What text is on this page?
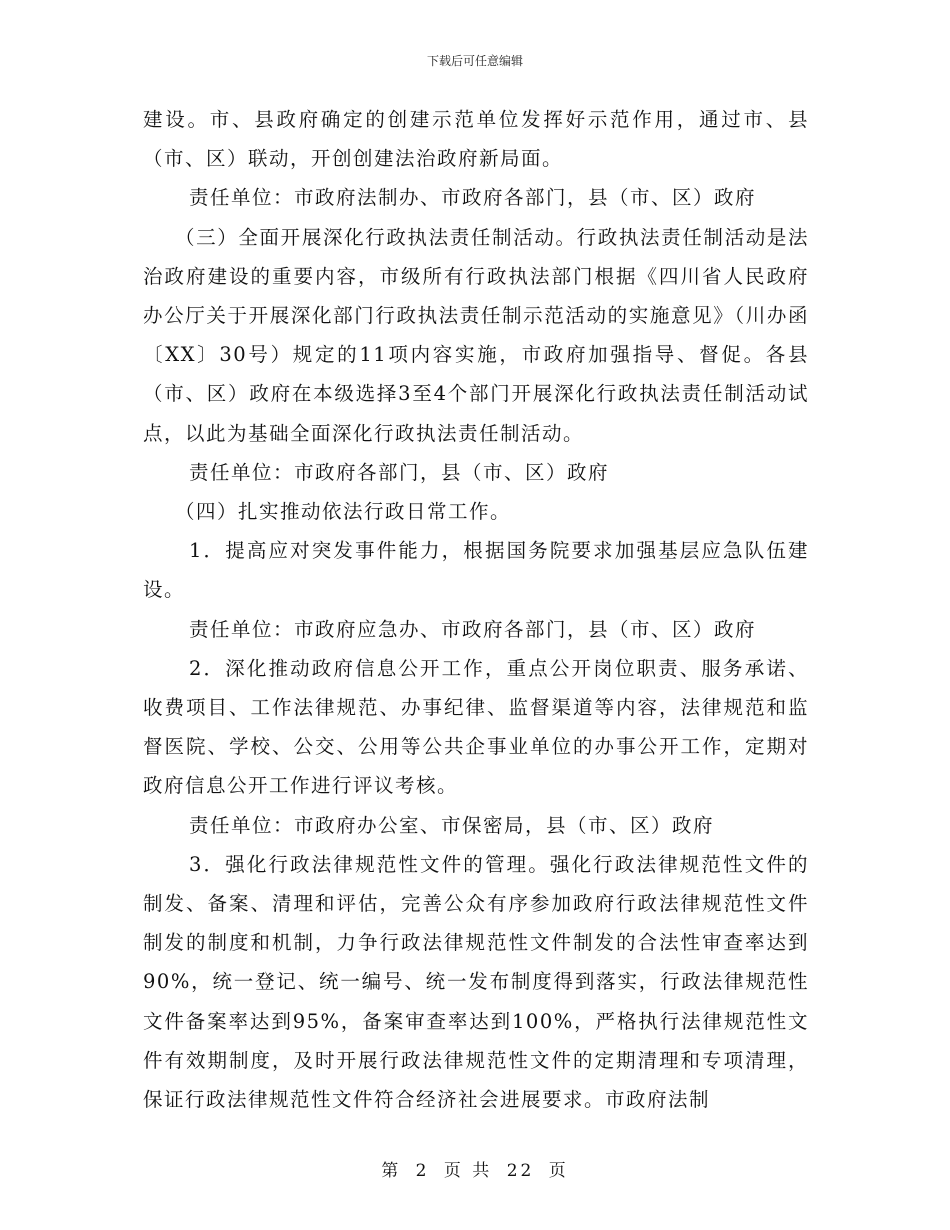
下载后可任意编辑

建设。市、县政府确定的创建示范单位发挥好示范作用，通过市、县（市、区）联动，开创创建法治政府新局面。

责任单位：市政府法制办、市政府各部门，县（市、区）政府

（三）全面开展深化行政执法责任制活动。行政执法责任制活动是法治政府建设的重要内容，市级所有行政执法部门根据《四川省人民政府办公厅关于开展深化部门行政执法责任制示范活动的实施意见》（川办函〔XX〕30号）规定的11项内容实施，市政府加强指导、督促。各县（市、区）政府在本级选择3至4个部门开展深化行政执法责任制活动试点，以此为基础全面深化行政执法责任制活动。

责任单位：市政府各部门，县（市、区）政府

（四）扎实推动依法行政日常工作。

1．提高应对突发事件能力，根据国务院要求加强基层应急队伍建设。

责任单位：市政府应急办、市政府各部门，县（市、区）政府

2．深化推动政府信息公开工作，重点公开岗位职责、服务承诺、收费项目、工作法律规范、办事纪律、监督渠道等内容，法律规范和监督医院、学校、公交、公用等公共企事业单位的办事公开工作，定期对政府信息公开工作进行评议考核。

责任单位：市政府办公室、市保密局，县（市、区）政府

3．强化行政法律规范性文件的管理。强化行政法律规范性文件的制发、备案、清理和评估，完善公众有序参加政府行政法律规范性文件制发的制度和机制，力争行政法律规范性文件制发的合法性审查率达到90%，统一登记、统一编号、统一发布制度得到落实，行政法律规范性文件备案率达到95%，备案审查率达到100%，严格执行法律规范性文件有效期制度，及时开展行政法律规范性文件的定期清理和专项清理，保证行政法律规范性文件符合经济社会进展要求。市政府法制

第 2 页 共 22 页
